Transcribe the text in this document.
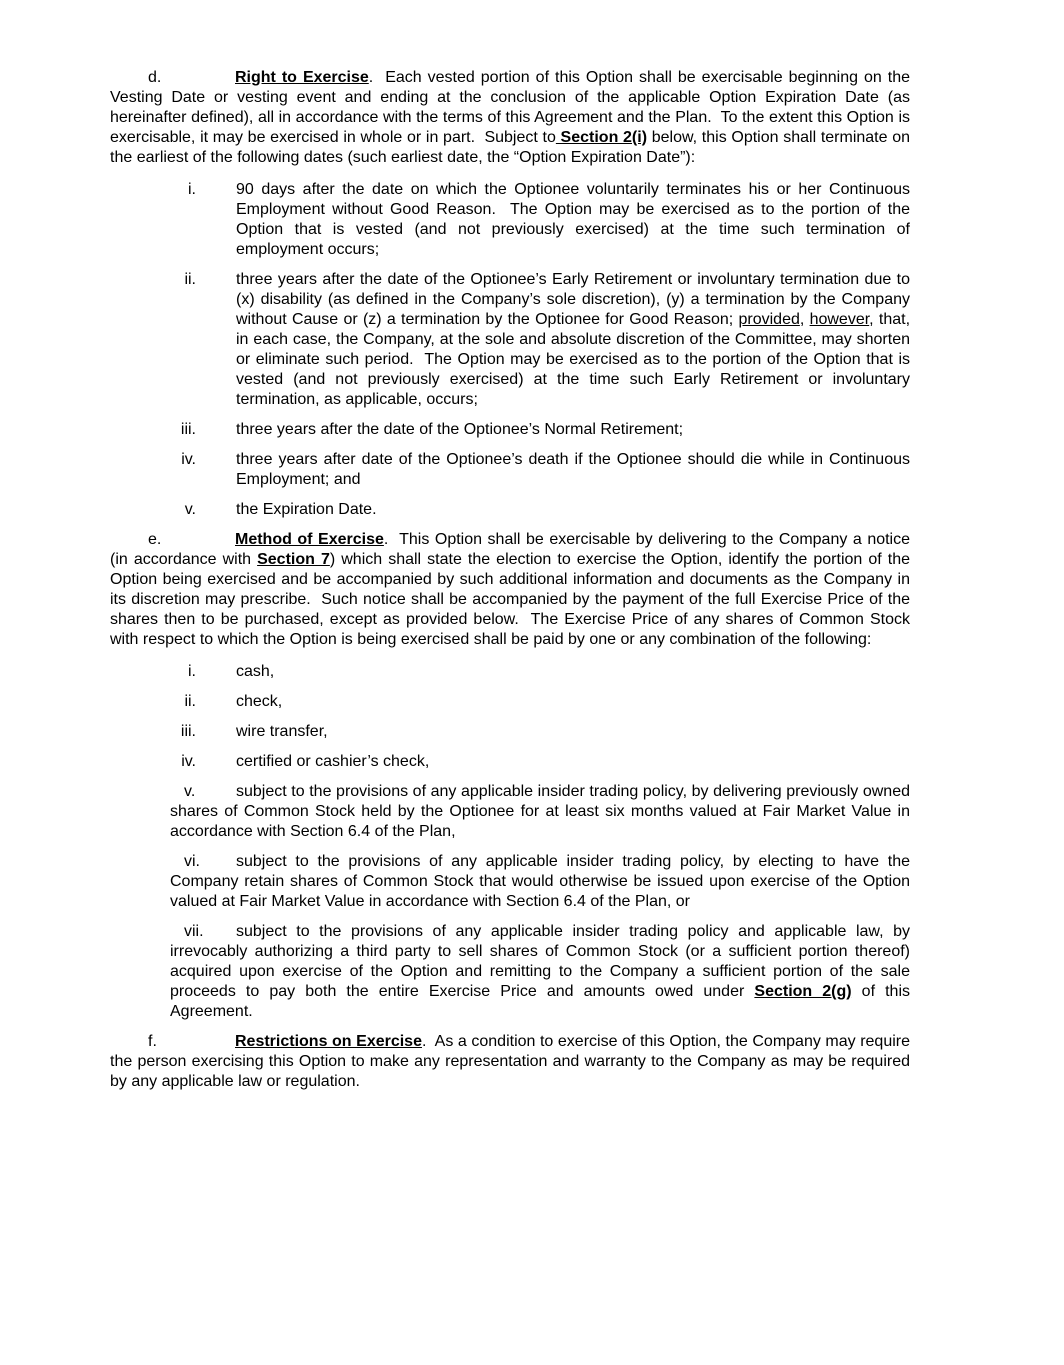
d.	Right to Exercise.  Each vested portion of this Option shall be exercisable beginning on the Vesting Date or vesting event and ending at the conclusion of the applicable Option Expiration Date (as hereinafter defined), all in accordance with the terms of this Agreement and the Plan.  To the extent this Option is exercisable, it may be exercised in whole or in part.  Subject to Section 2(i) below, this Option shall terminate on the earliest of the following dates (such earliest date, the “Option Expiration Date”):

i.	90 days after the date on which the Optionee voluntarily terminates his or her Continuous Employment without Good Reason.  The Option may be exercised as to the portion of the Option that is vested (and not previously exercised) at the time such termination of employment occurs;
ii.	three years after the date of the Optionee’s Early Retirement or involuntary termination due to (x) disability (as defined in the Company’s sole discretion), (y) a termination by the Company without Cause or (z) a termination by the Optionee for Good Reason; provided, however, that, in each case, the Company, at the sole and absolute discretion of the Committee, may shorten or eliminate such period.  The Option may be exercised as to the portion of the Option that is vested (and not previously exercised) at the time such Early Retirement or involuntary termination, as applicable, occurs;
iii.	three years after the date of the Optionee’s Normal Retirement;
iv.	three years after date of the Optionee’s death if the Optionee should die while in Continuous Employment; and
v.	the Expiration Date.

e.	Method of Exercise.  This Option shall be exercisable by delivering to the Company a notice (in accordance with Section 7) which shall state the election to exercise the Option, identify the portion of the Option being exercised and be accompanied by such additional information and documents as the Company in its discretion may prescribe.  Such notice shall be accompanied by the payment of the full Exercise Price of the shares then to be purchased, except as provided below.  The Exercise Price of any shares of Common Stock with respect to which the Option is being exercised shall be paid by one or any combination of the following:

i.	cash,
ii.	check,
iii.	wire transfer,
iv.	certified or cashier’s check,
v.	subject to the provisions of any applicable insider trading policy, by delivering previously owned shares of Common Stock held by the Optionee for at least six months valued at Fair Market Value in accordance with Section 6.4 of the Plan,
vi. subject to the provisions of any applicable insider trading policy, by electing to have the Company retain shares of Common Stock that would otherwise be issued upon exercise of the Option valued at Fair Market Value in accordance with Section 6.4 of the Plan, or
vii. subject to the provisions of any applicable insider trading policy and applicable law, by irrevocably authorizing a third party to sell shares of Common Stock (or a sufficient portion thereof) acquired upon exercise of the Option and remitting to the Company a sufficient portion of the sale proceeds to pay both the entire Exercise Price and amounts owed under Section 2(g) of this Agreement.

f.	Restrictions on Exercise.  As a condition to exercise of this Option, the Company may require the person exercising this Option to make any representation and warranty to the Company as may be required by any applicable law or regulation.
